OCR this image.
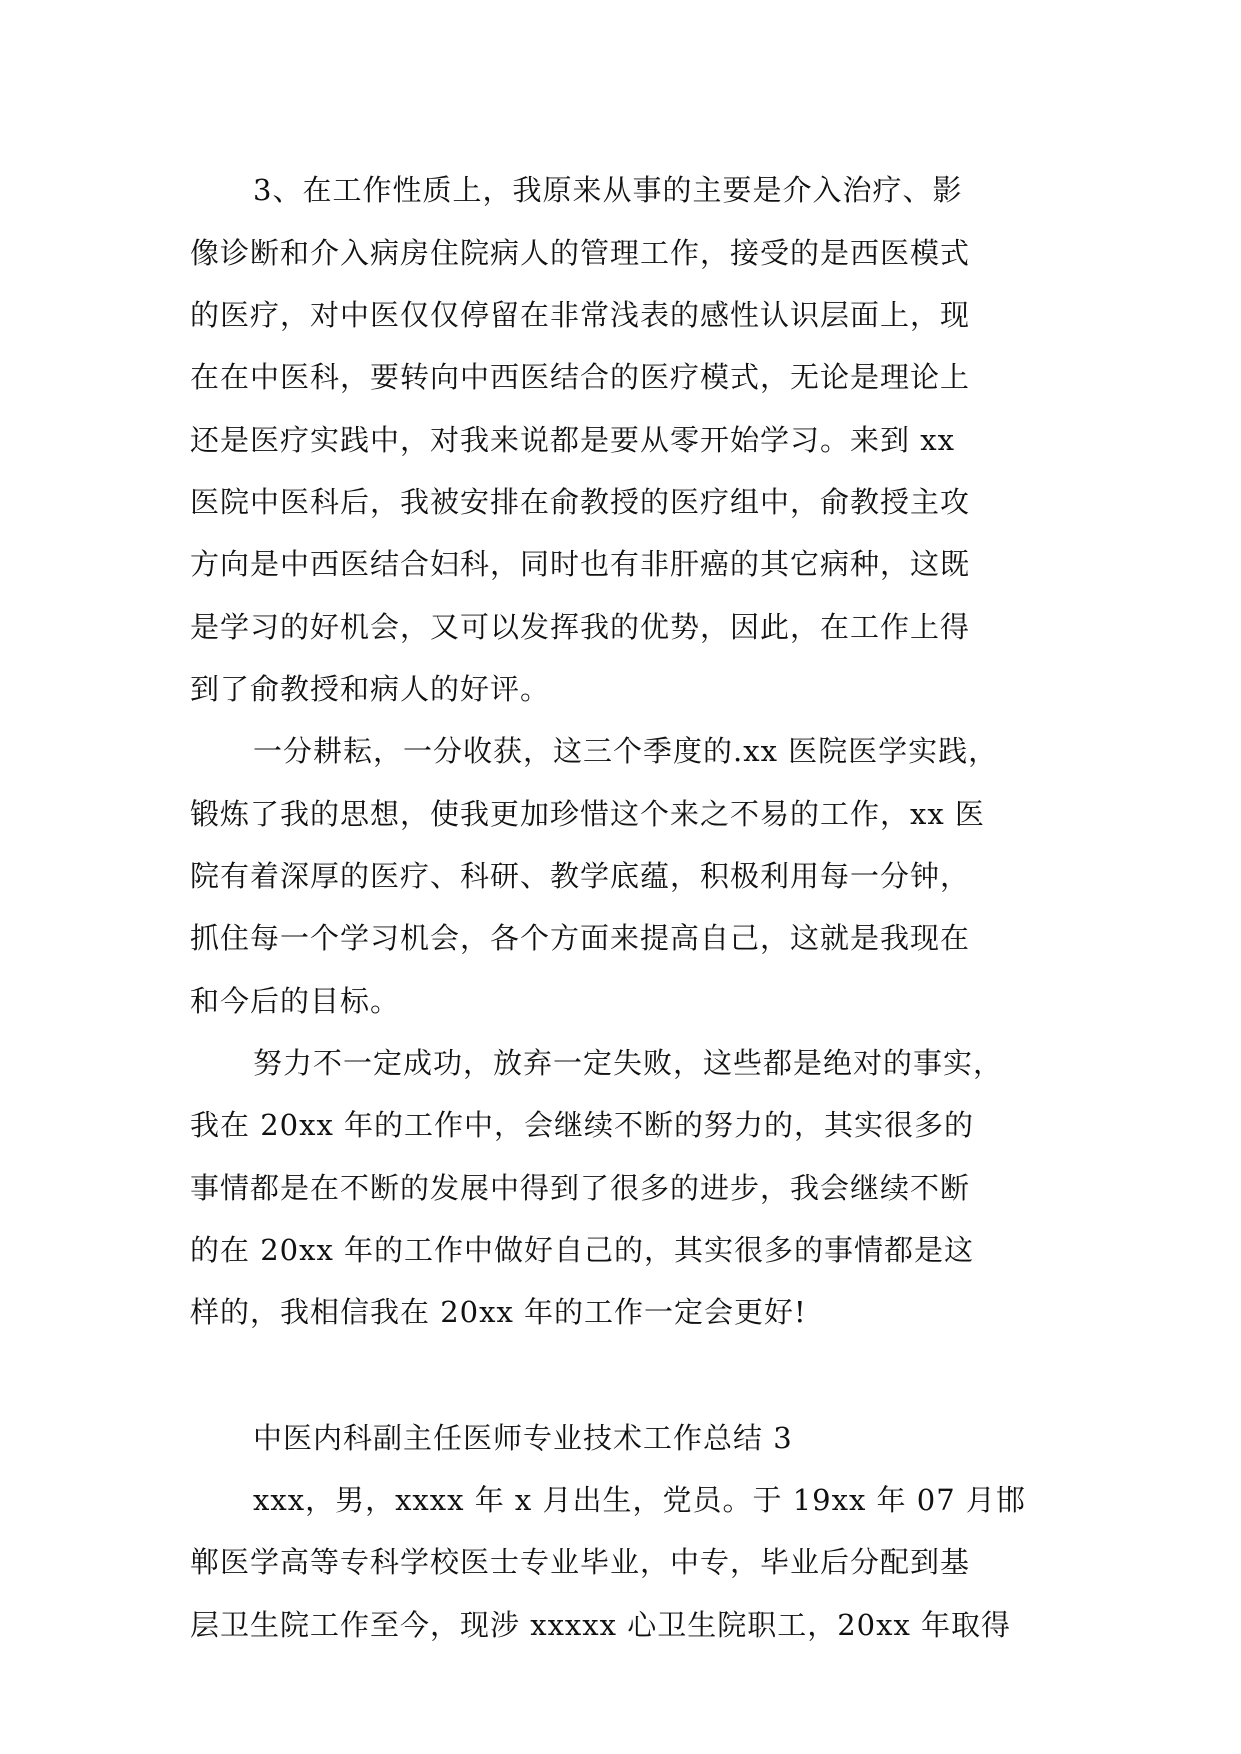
3、在工作性质上，我原来从事的主要是介入治疗、影

像诊断和介入病房住院病人的管理工作，接受的是西医模式

的医疗，对中医仅仅停留在非常浅表的感性认识层面上，现

在在中医科，要转向中西医结合的医疗模式，无论是理论上

还是医疗实践中，对我来说都是要从零开始学习。来到 xx

医院中医科后，我被安排在俞教授的医疗组中，俞教授主攻

方向是中西医结合妇科，同时也有非肝癌的其它病种，这既

是学习的好机会，又可以发挥我的优势，因此，在工作上得

到了俞教授和病人的好评。

一分耕耘，一分收获，这三个季度的.xx 医院医学实践，

锻炼了我的思想，使我更加珍惜这个来之不易的工作，xx 医

院有着深厚的医疗、科研、教学底蕴，积极利用每一分钟，

抓住每一个学习机会，各个方面来提高自己，这就是我现在

和今后的目标。

努力不一定成功，放弃一定失败，这些都是绝对的事实，

我在 20xx 年的工作中，会继续不断的努力的，其实很多的

事情都是在不断的发展中得到了很多的进步，我会继续不断

的在 20xx 年的工作中做好自己的，其实很多的事情都是这

样的，我相信我在 20xx 年的工作一定会更好!

中医内科副主任医师专业技术工作总结 3

xxx，男，xxxx 年 x 月出生，党员。于 19xx 年 07 月邯

郸医学高等专科学校医士专业毕业，中专，毕业后分配到基

层卫生院工作至今，现涉 xxxxx 心卫生院职工，20xx 年取得
